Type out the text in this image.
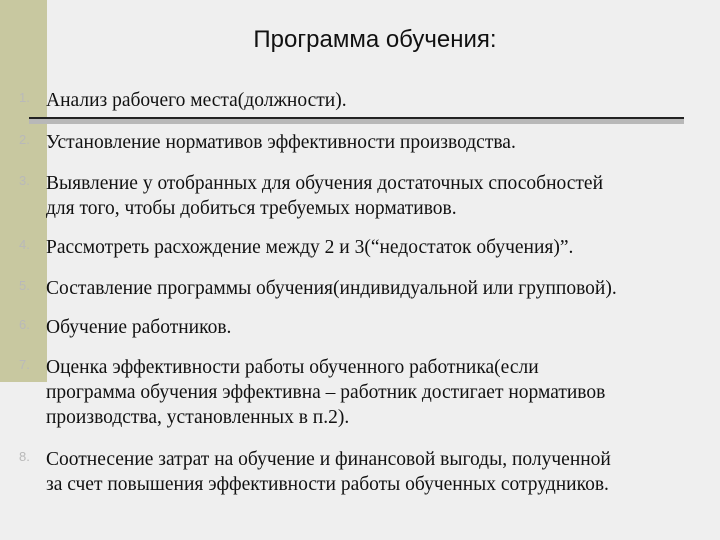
Программа обучения:
1. Анализ рабочего места(должности).
2. Установление нормативов эффективности производства.
3. Выявление у отобранных для обучения достаточных способностей
для того, чтобы добиться требуемых нормативов.
4. Рассмотреть расхождение между 2 и 3(“недостаток обучения)”.
5. Составление программы обучения(индивидуальной или групповой).
6. Обучение работников.
7. Оценка эффективности работы обученного работника(если
программа обучения эффективна – работник достигает нормативов
производства, установленных в п.2).
8. Соотнесение затрат на обучение и финансовой выгоды, полученной
за счет повышения эффективности работы обученных сотрудников.
